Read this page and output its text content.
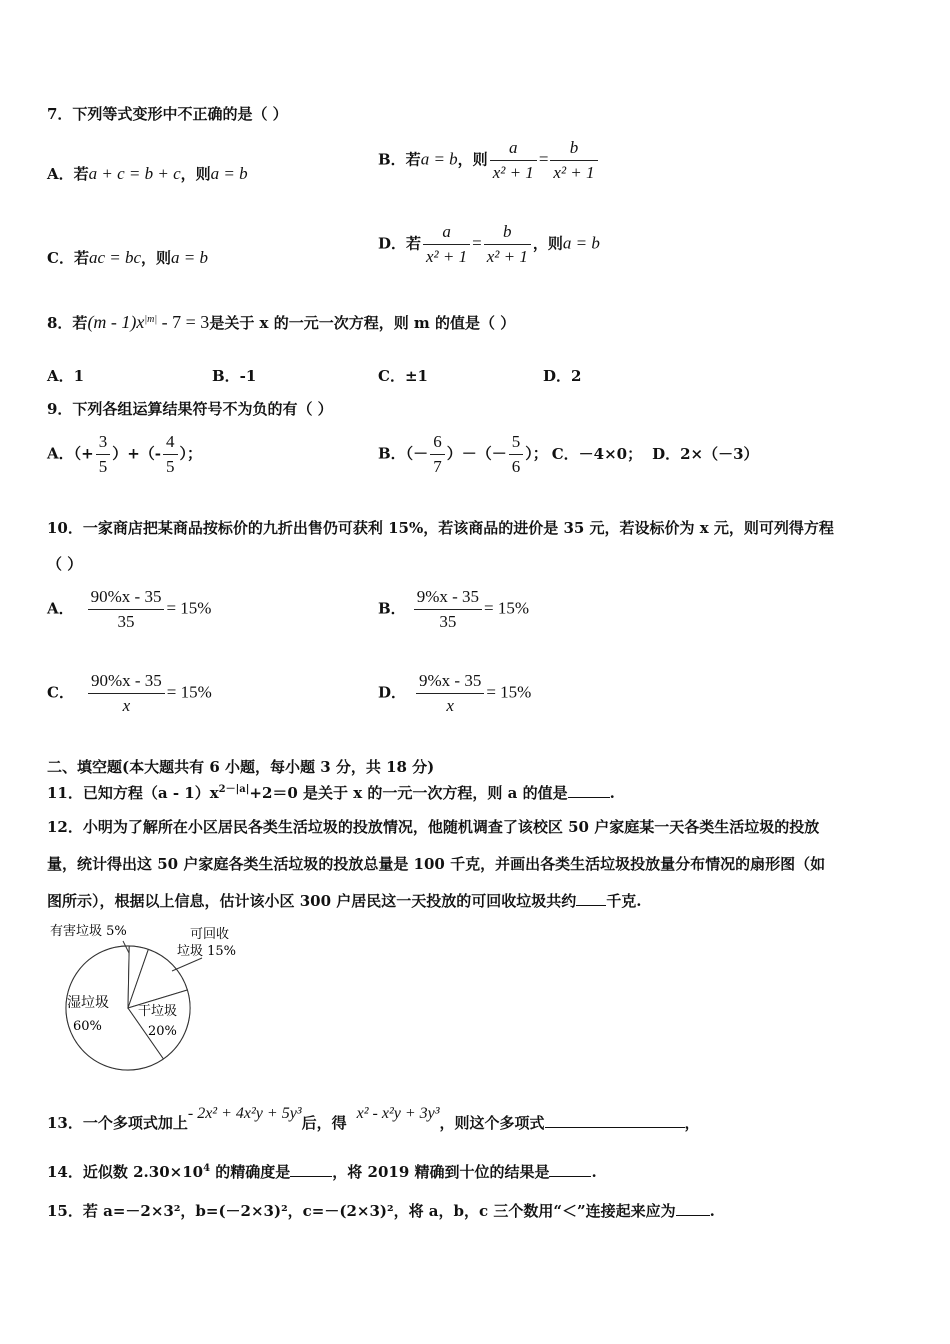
7．下列等式变形中不正确的是（ ）
A．若a + c = b + c，则a = b
B．若a = b，则 $\frac{a}{\text{x² + 1}} = \frac{b}{\text{x² + 1}}$
C．若ac = bc，则a = b
D．若 $\frac{a}{\text{x² + 1}} = \frac{b}{\text{x² + 1}}$ ，则a = b
8．若$(m - 1)x^{|m|} - 7 = 3$是关于 x 的一元一次方程，则 m 的值是（ ）
A．1	B．-1	C．±1	D．2
9．下列各组运算结果符号不为负的有（ ）
A．（+ $\frac{3}{5}$ ）+（- $\frac{4}{5}$ ）；	B．（－ $\frac{6}{7}$ ）－（－ $\frac{5}{6}$ ）； C．－4×0； D．2×（－3）
10．一家商店把某商品按标价的九折出售仍可获利 15%，若该商品的进价是 35 元，若设标价为 x 元，则可列得方程
（ ）
A． $\frac{90\%x - 35}{35} = 15\%$	B． $\frac{9\%x - 35}{35} = 15\%$
C． $\frac{90\%x - 35}{x} = 15\%$	D． $\frac{9\%x - 35}{x} = 15\%$
二、填空题(本大题共有 6 小题，每小题 3 分，共 18 分)
11．已知方程$(a - 1)x^{2-|a|}+2=0$ 是关于 x 的一元一次方程，则 a 的值是	.
12．小明为了解所在小区居民各类生活垃圾的投放情况，他随机调查了该校区 50 户家庭某一天各类生活垃圾的投放
量，统计得出这 50 户家庭各类生活垃圾的投放总量是 100 千克，并画出各类生活垃圾投放量分布情况的扇形图（如
图所示），根据以上信息，估计该小区 300 户居民这一天投放的可回收垃圾共约 千克.
有害垃圾 5%	可回收
垃圾 15%
干垃圾
20%
湿垃圾
60%
13．一个多项式加上- 2x² + 4x²y + 5y³后，得x² - x²y + 3y³，则这个多项式	，
14．近似数 $2.30\times 10^4$ 的精确度是	，将 2019 精确到十位的结果是	.
15．若 a=－2×3²，b=(－2×3)²，c=－(2×3)²，将 a，b，c 三个数用“＜”连接起来应为 .
